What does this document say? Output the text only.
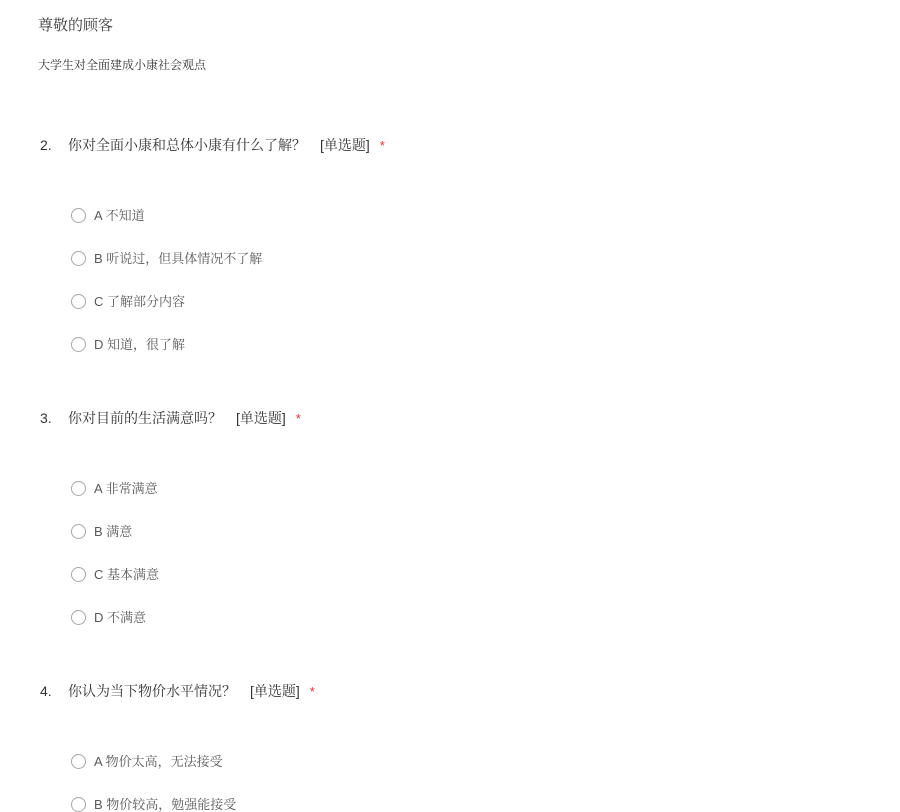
尊敬的顾客
大学生对全面建成小康社会观点
2. 你对全面小康和总体小康有什么了解？ [单选题] *
A 不知道
B 听说过，但具体情况不了解
C 了解部分内容
D 知道，很了解
3. 你对目前的生活满意吗？ [单选题] *
A 非常满意
B 满意
C 基本满意
D 不满意
4. 你认为当下物价水平情况？ [单选题] *
A 物价太高，无法接受
B 物价较高，勉强能接受
